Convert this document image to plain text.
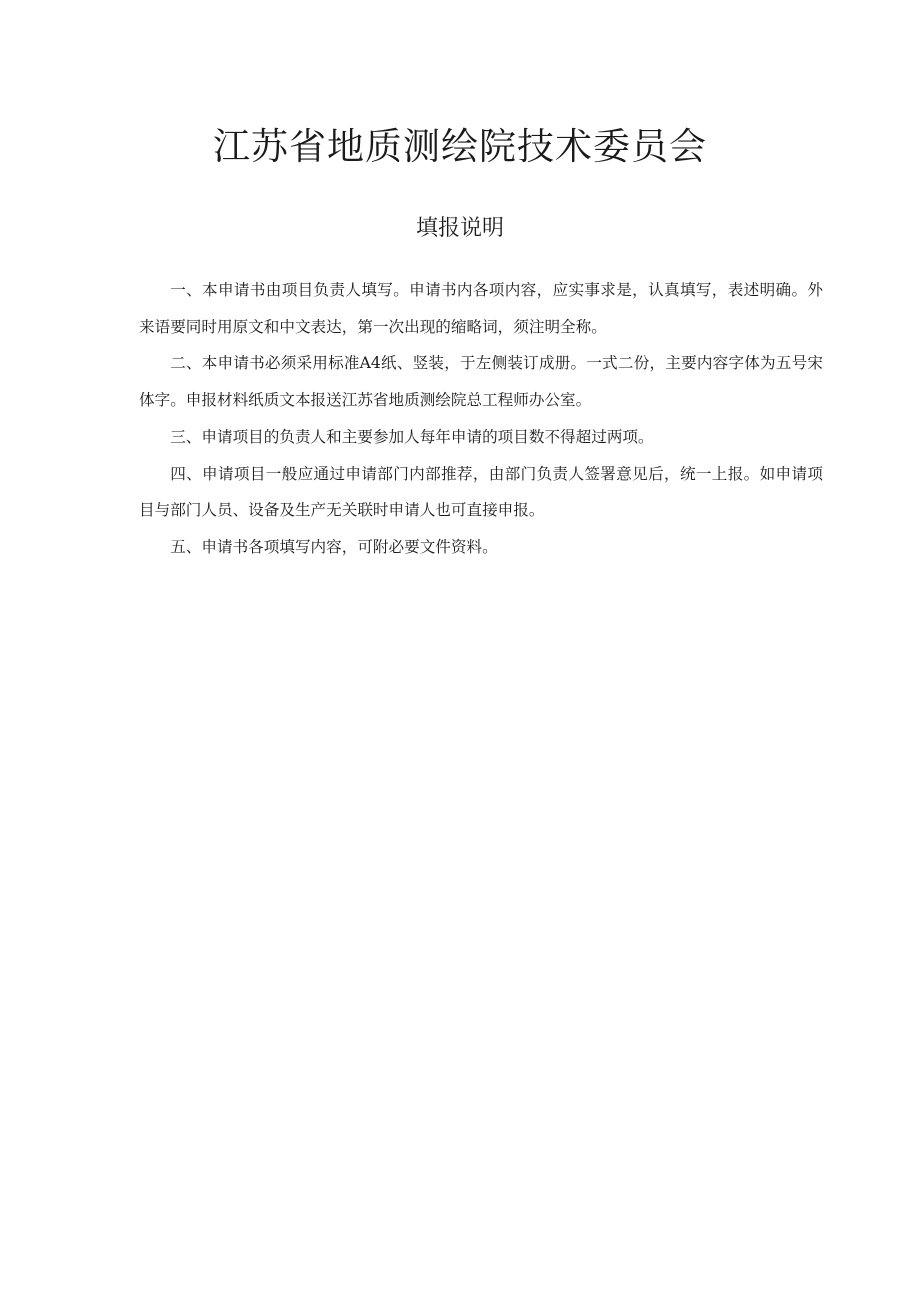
江苏省地质测绘院技术委员会
填报说明

一、本申请书由项目负责人填写。申请书内各项内容，应实事求是，认真填写，表述明确。外来语要同时用原文和中文表达，第一次出现的缩略词，须注明全称。

二、本申请书必须采用标准A4纸、竖装，于左侧装订成册。一式二份，主要内容字体为五号宋体字。申报材料纸质文本报送江苏省地质测绘院总工程师办公室。

三、申请项目的负责人和主要参加人每年申请的项目数不得超过两项。

四、申请项目一般应通过申请部门内部推荐，由部门负责人签署意见后，统一上报。如申请项目与部门人员、设备及生产无关联时申请人也可直接申报。

五、申请书各项填写内容，可附必要文件资料。
